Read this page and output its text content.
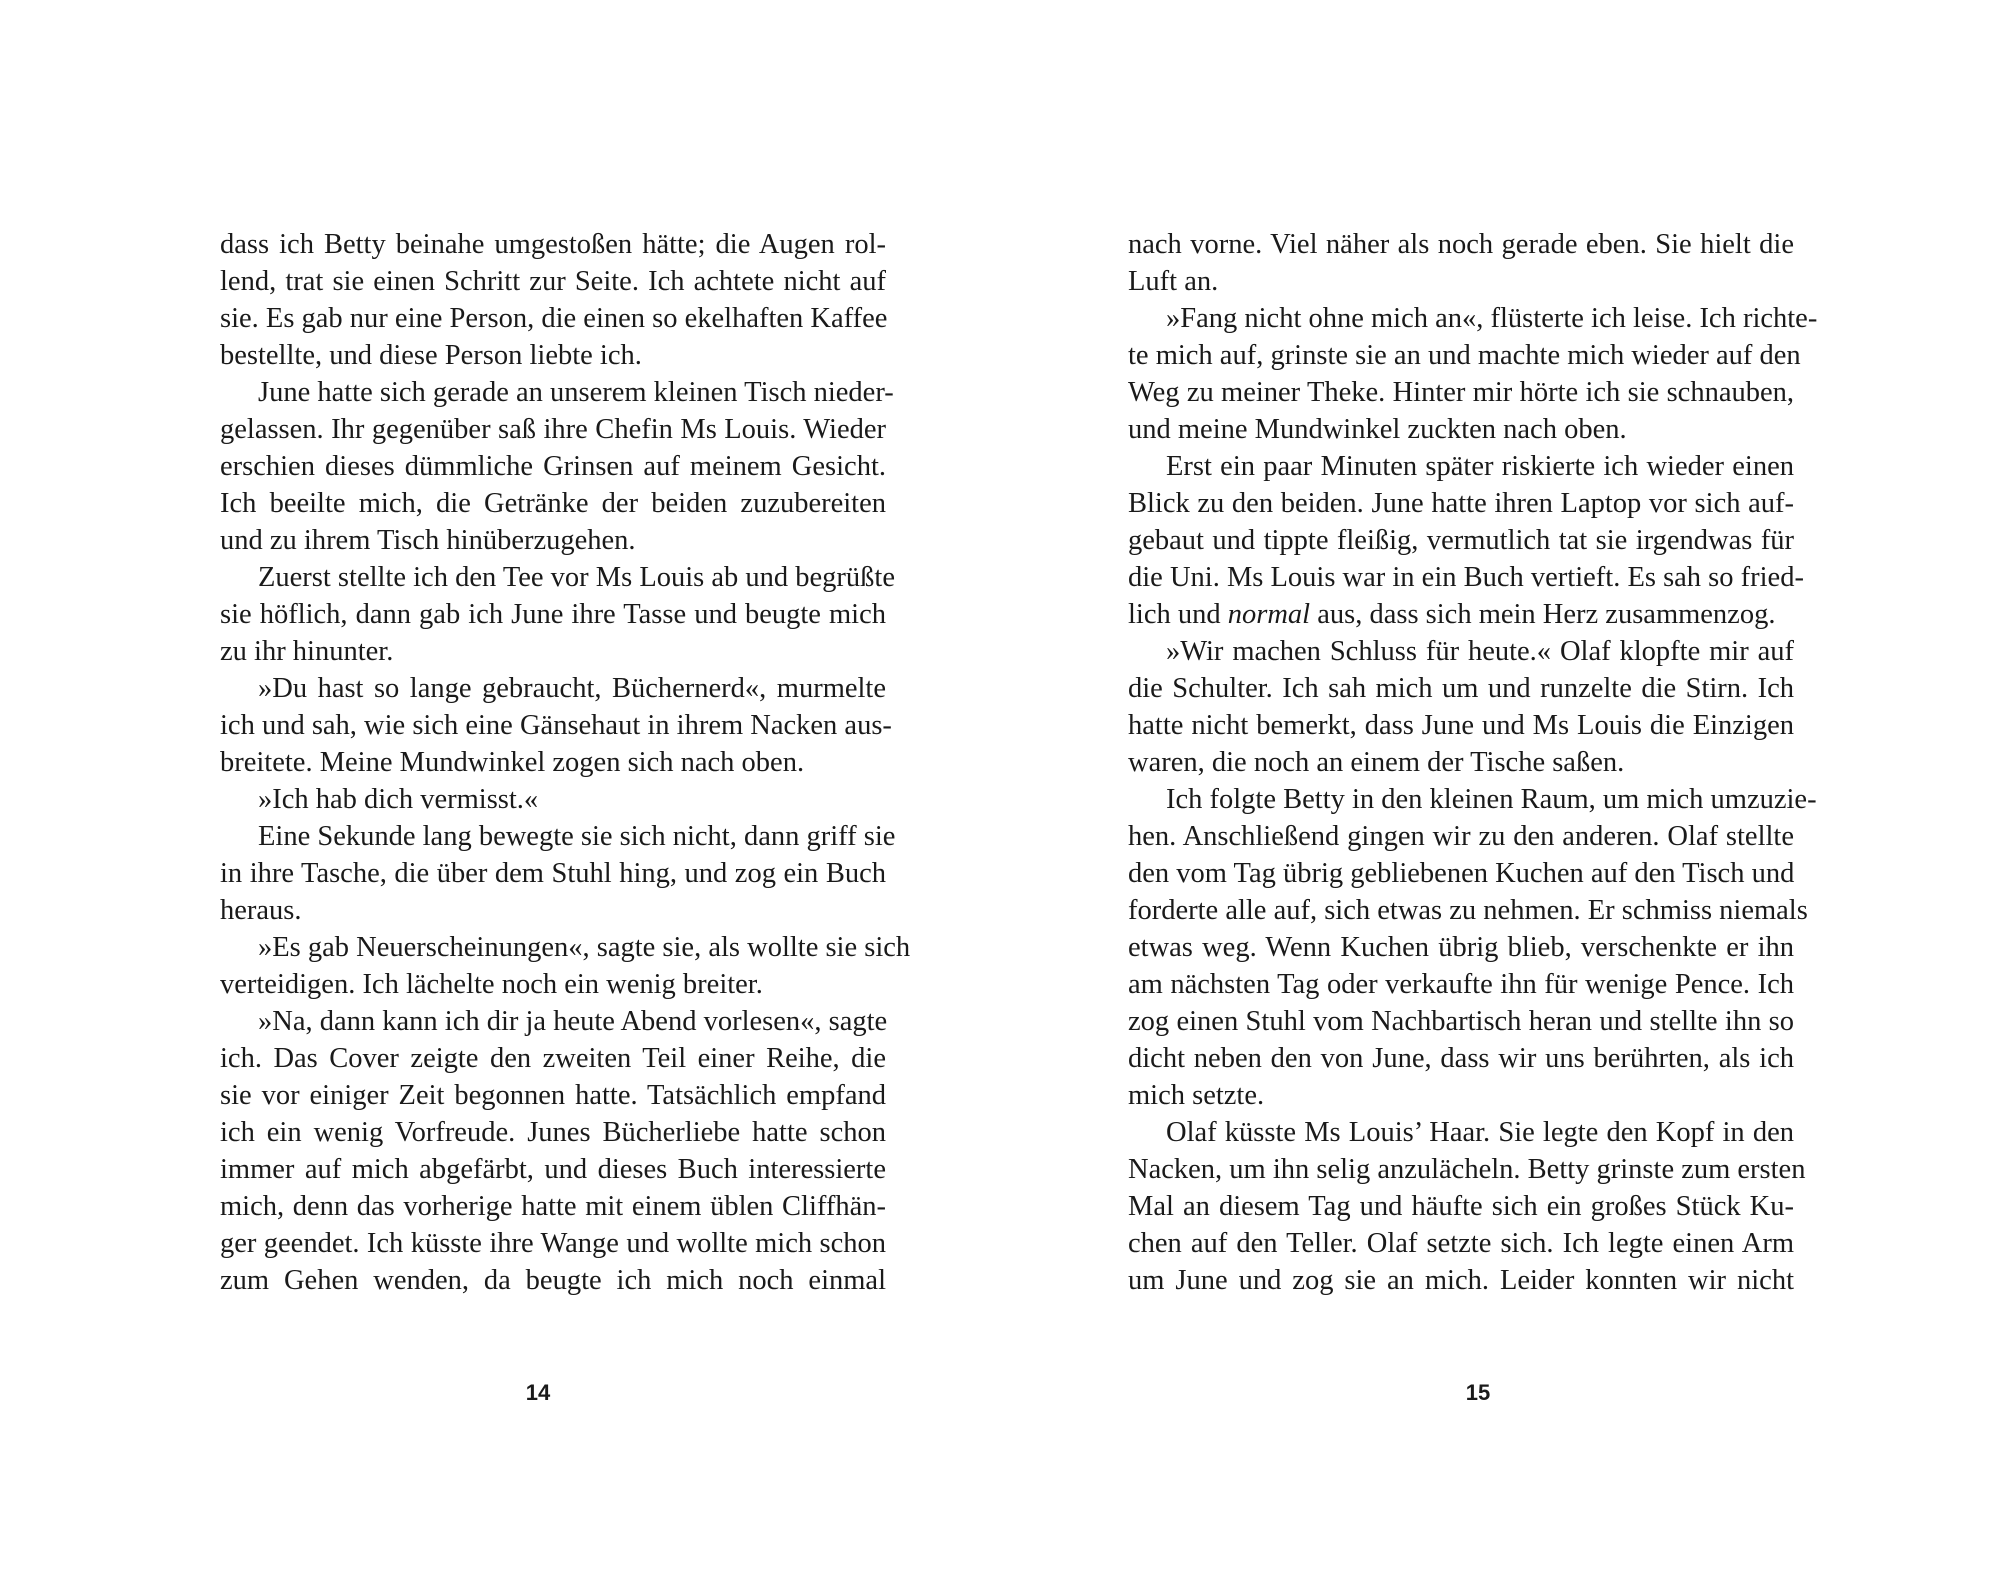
dass ich Betty beinahe umgestoßen hätte; die Augen rol-
lend, trat sie einen Schritt zur Seite. Ich achtete nicht auf
sie. Es gab nur eine Person, die einen so ekelhaften Kaffee
bestellte, und diese Person liebte ich.
June hatte sich gerade an unserem kleinen Tisch nieder-
gelassen. Ihr gegenüber saß ihre Chefin Ms Louis. Wieder
erschien dieses dümmliche Grinsen auf meinem Gesicht.
Ich beeilte mich, die Getränke der beiden zuzubereiten
und zu ihrem Tisch hinüberzugehen.
Zuerst stellte ich den Tee vor Ms Louis ab und begrüßte
sie höflich, dann gab ich June ihre Tasse und beugte mich
zu ihr hinunter.
»Du hast so lange gebraucht, Büchernerd«, murmelte
ich und sah, wie sich eine Gänsehaut in ihrem Nacken aus-
breitete. Meine Mundwinkel zogen sich nach oben.
»Ich hab dich vermisst.«
Eine Sekunde lang bewegte sie sich nicht, dann griff sie
in ihre Tasche, die über dem Stuhl hing, und zog ein Buch
heraus.
»Es gab Neuerscheinungen«, sagte sie, als wollte sie sich
verteidigen. Ich lächelte noch ein wenig breiter.
»Na, dann kann ich dir ja heute Abend vorlesen«, sagte
ich. Das Cover zeigte den zweiten Teil einer Reihe, die
sie vor einiger Zeit begonnen hatte. Tatsächlich empfand
ich ein wenig Vorfreude. Junes Bücherliebe hatte schon
immer auf mich abgefärbt, und dieses Buch interessierte
mich, denn das vorherige hatte mit einem üblen Cliffhän-
ger geendet. Ich küsste ihre Wange und wollte mich schon
zum Gehen wenden, da beugte ich mich noch einmal
14
nach vorne. Viel näher als noch gerade eben. Sie hielt die
Luft an.
»Fang nicht ohne mich an«, flüsterte ich leise. Ich richte-
te mich auf, grinste sie an und machte mich wieder auf den
Weg zu meiner Theke. Hinter mir hörte ich sie schnauben,
und meine Mundwinkel zuckten nach oben.
Erst ein paar Minuten später riskierte ich wieder einen
Blick zu den beiden. June hatte ihren Laptop vor sich auf-
gebaut und tippte fleißig, vermutlich tat sie irgendwas für
die Uni. Ms Louis war in ein Buch vertieft. Es sah so fried-
lich und normal aus, dass sich mein Herz zusammenzog.
»Wir machen Schluss für heute.« Olaf klopfte mir auf
die Schulter. Ich sah mich um und runzelte die Stirn. Ich
hatte nicht bemerkt, dass June und Ms Louis die Einzigen
waren, die noch an einem der Tische saßen.
Ich folgte Betty in den kleinen Raum, um mich umzuzie-
hen. Anschließend gingen wir zu den anderen. Olaf stellte
den vom Tag übrig gebliebenen Kuchen auf den Tisch und
forderte alle auf, sich etwas zu nehmen. Er schmiss niemals
etwas weg. Wenn Kuchen übrig blieb, verschenkte er ihn
am nächsten Tag oder verkaufte ihn für wenige Pence. Ich
zog einen Stuhl vom Nachbartisch heran und stellte ihn so
dicht neben den von June, dass wir uns berührten, als ich
mich setzte.
Olaf küsste Ms Louis’ Haar. Sie legte den Kopf in den
Nacken, um ihn selig anzulächeln. Betty grinste zum ersten
Mal an diesem Tag und häufte sich ein großes Stück Ku-
chen auf den Teller. Olaf setzte sich. Ich legte einen Arm
um June und zog sie an mich. Leider konnten wir nicht
15
